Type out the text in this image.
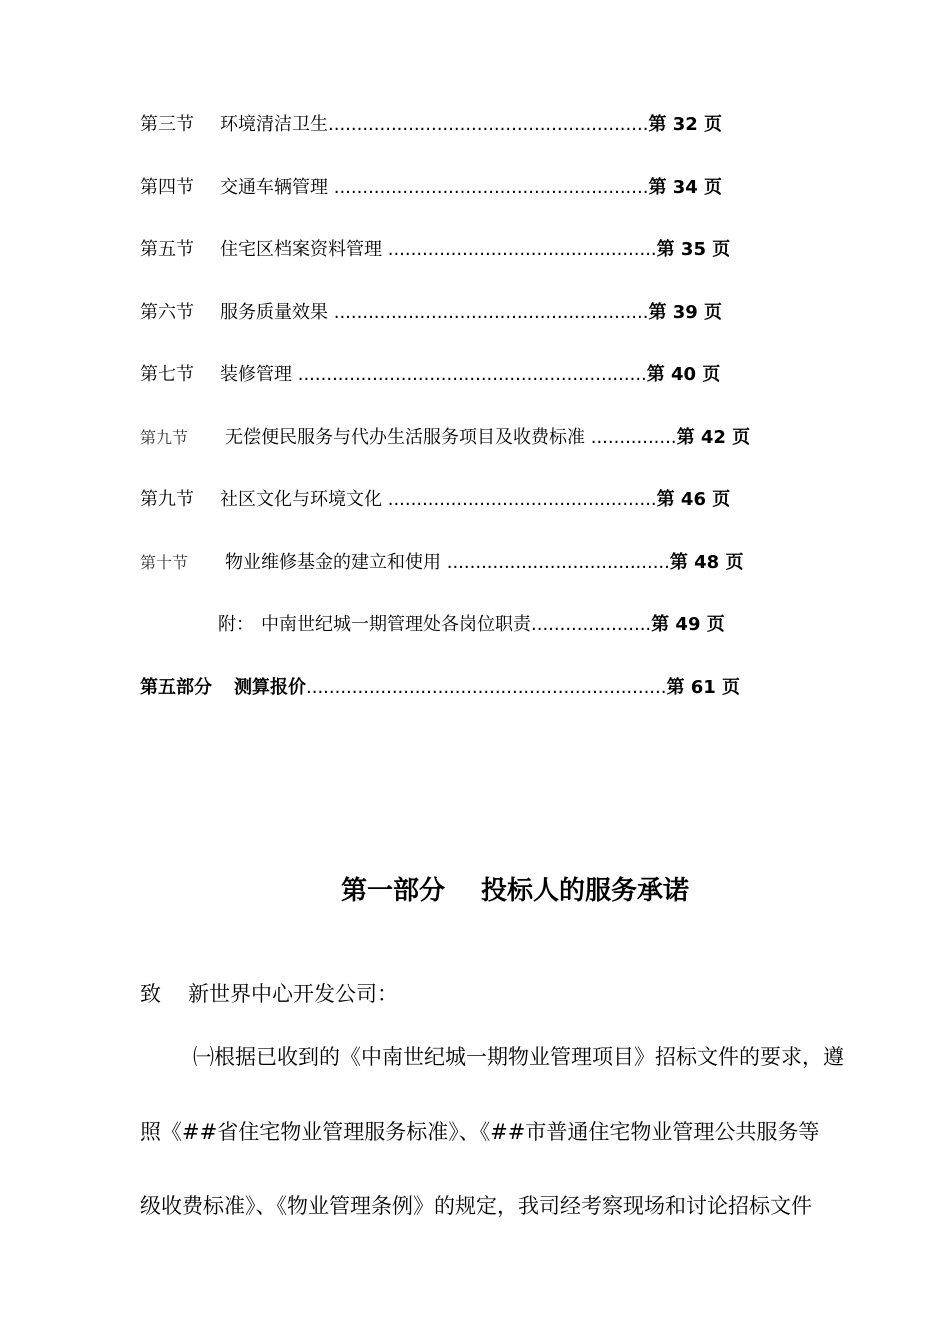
第三节 环境清洁卫生........................................................第 32 页
第四节 交通车辆管理 .......................................................第 34 页
第五节 住宅区档案资料管理 ...............................................第 35 页
第六节 服务质量效果 .......................................................第 39 页
第七节 装修管理 .............................................................第 40 页
第九节 无偿便民服务与代办生活服务项目及收费标准 ...............第 42 页
第九节 社区文化与环境文化 ...............................................第 46 页
第十节 物业维修基金的建立和使用 .......................................第 48 页
附： 中南世纪城一期管理处各岗位职责.....................第 49 页
第五部分 测算报价...............................................................第 61 页
第一部分 投标人的服务承诺
致 新世界中心开发公司：
㈠根据已收到的《中南世纪城一期物业管理项目》招标文件的要求，遵
照《##省住宅物业管理服务标准》、《##市普通住宅物业管理公共服务等
级收费标准》、《物业管理条例》的规定，我司经考察现场和讨论招标文件
